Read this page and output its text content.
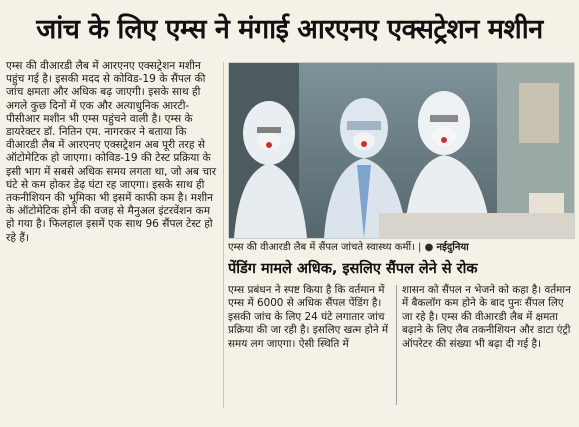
जांच के लिए एम्स ने मंगाई आरएनए एक्सट्रेशन मशीन
एम्स की वीआरडी लैब में आरएनए एक्सट्रेशन मशीन पहुंच गई है। इसकी मदद से कोविड-19 के सैंपल की जांच क्षमता और अधिक बढ़ जाएगी। इसके साथ ही अगले कुछ दिनों में एक और अत्याधुनिक आरटी-पीसीआर मशीन भी एम्स पहुंचने वाली है। एम्स के डायरेक्टर डॉ. नितिन एम. नागरकर ने बताया कि वीआरडी लैब में आरएनए एक्सट्रेशन अब पूरी तरह से ऑटोमेटिक हो जाएगा। कोविड-19 की टेस्ट प्रक्रिया के इसी भाग में सबसे अधिक समय लगता था, जो अब चार घंटे से कम होकर डेढ़ घंटा रह जाएगा। इसके साथ ही तकनीशियन की भूमिका भी इसमें काफी कम है। मशीन के ऑटोमेटिक होने की वजह से मैनुअल इंटरवेंशन कम हो गया है। फिलहाल इसमें एक साथ 96 सैंपल टेस्ट हो रहे हैं।
एम्स की वीआरडी लैब में सैंपल जांचते स्वास्थ्य कर्मी। | ● नईदुनिया
पेंडिंग मामले अधिक, इसलिए सैंपल लेने से रोक
एम्स प्रबंधन ने स्पष्ट किया है कि वर्तमान में एम्स में 6000 से अधिक सैंपल पेंडिंग है। इसकी जांच के लिए 24 घंटे लगातार जांच प्रक्रिया की जा रही है। इसलिए खत्म होने में समय लग जाएगा। ऐसी स्थिति में
शासन को सैंपल न भेजने को कहा है। वर्तमान में बैकलॉग कम होने के बाद पुनः सैंपल लिए जा रहे है। एम्स की वीआरडी लैब में क्षमता बढ़ाने के लिए लैब तकनीशियन और डाटा एंट्री ऑपरेटर की संख्या भी बढ़ा दी गई है।
